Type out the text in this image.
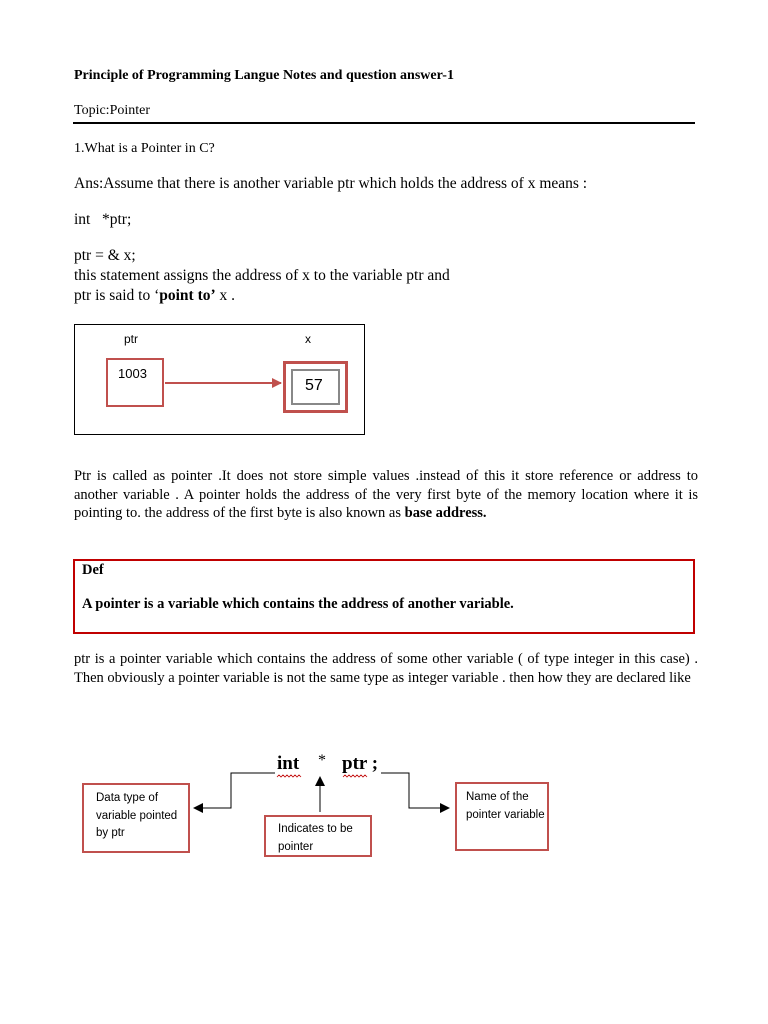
Principle of Programming Langue Notes and question answer-1
Topic:Pointer
1.What is a Pointer in C?
Ans:Assume that there is another variable ptr which holds the address of x means :
int   *ptr;
ptr = & x;
this statement assigns the address of x to the variable ptr and
ptr is said to ‘point to’ x .
ptr	x
1003
57

Ptr is called as pointer .It does not store simple values .instead of this it store reference or address to another variable . A pointer holds the address of the very first byte of the memory location where it is pointing to. the address of the first byte is also known as base address.

Def
A pointer is a variable which contains the address of another variable.

ptr is a pointer variable which contains the address of some other variable ( of type integer in this case) . Then obviously a pointer variable is not the same type as integer variable . then how they are declared like

int * ptr ;
Data type of variable pointed by ptr	Indicates to be pointer
Name of the pointer variable
